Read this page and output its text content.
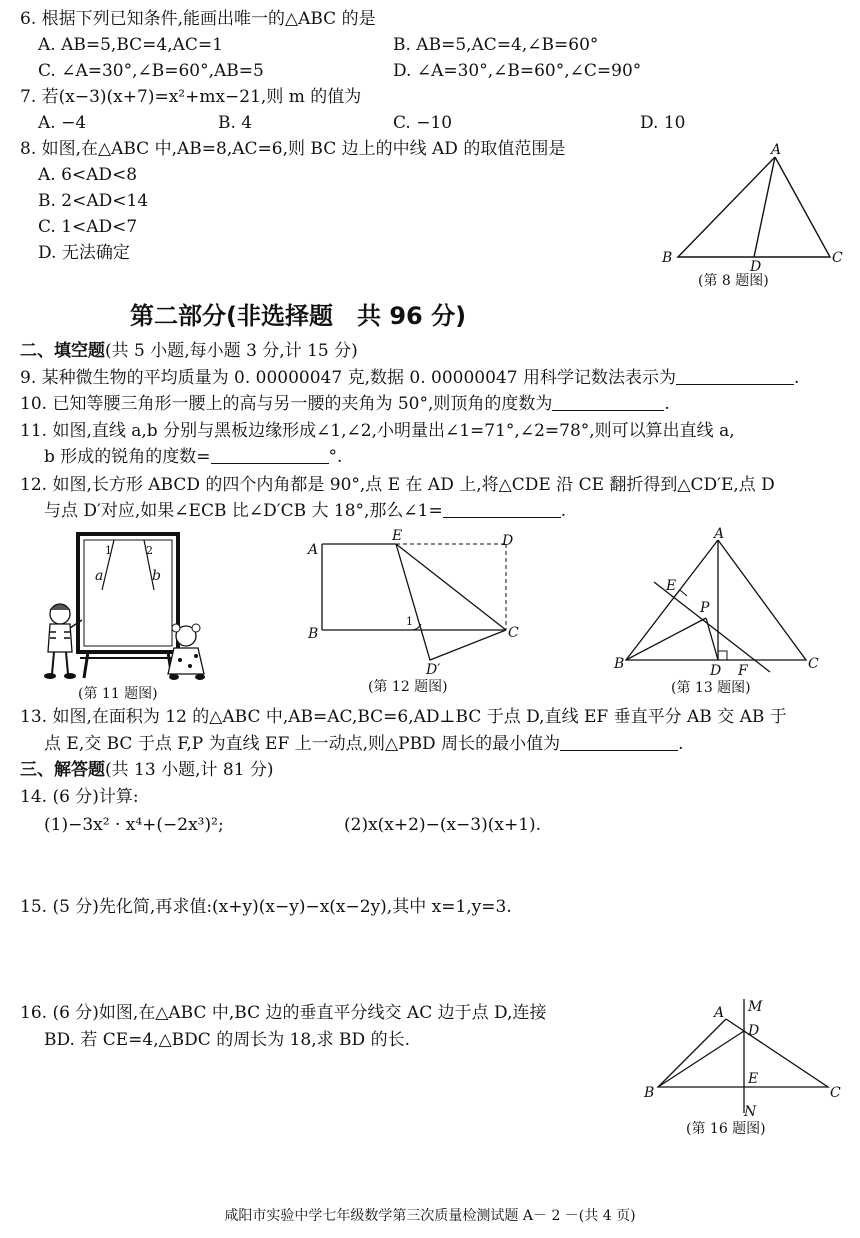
6. 根据下列已知条件,能画出唯一的△ABC 的是
A. AB=5,BC=4,AC=1	B. AB=5,AC=4,∠B=60°
C. ∠A=30°,∠B=60°,AB=5	D. ∠A=30°,∠B=60°,∠C=90°
7. 若(x−3)(x+7)=x²+mx−21,则 m 的值为
A. −4	B. 4	C. −10	D. 10
8. 如图,在△ABC 中,AB=8,AC=6,则 BC 边上的中线 AD 的取值范围是
A. 6<AD<8
B. 2<AD<14
C. 1<AD<7
D. 无法确定
A
B	C
D
(第 8 题图)
第二部分(非选择题　共 96 分)
二、填空题(共 5 小题,每小题 3 分,计 15 分)
9. 某种微生物的平均质量为 0. 00000047 克,数据 0. 00000047 用科学记数法表示为	.
10. 已知等腰三角形一腰上的高与另一腰的夹角为 50°,则顶角的度数为	.
11. 如图,直线 a,b 分别与黑板边缘形成∠1,∠2,小明量出∠1=71°,∠2=78°,则可以算出直线 a,
b 形成的锐角的度数=	°.
12. 如图,长方形 ABCD 的四个内角都是 90°,点 E 在 AD 上,将△CDE 沿 CE 翻折得到△CD′E,点 D
与点 D′对应,如果∠ECB 比∠D′CB 大 18°,那么∠1=	.
1	2
a	b
(第 11 题图)
A
E	D
B	C
D′
1
(第 12 题图)
A
E
P
B	C
D F
(第 13 题图)
13. 如图,在面积为 12 的△ABC 中,AB=AC,BC=6,AD⊥BC 于点 D,直线 EF 垂直平分 AB 交 AB 于
点 E,交 BC 于点 F,P 为直线 EF 上一动点,则△PBD 周长的最小值为	.
三、解答题(共 13 小题,计 81 分)
14. (6 分)计算:
(1)−3x² · x⁴+(−2x³)²;	(2)x(x+2)−(x−3)(x+1).
15. (5 分)先化简,再求值:(x+y)(x−y)−x(x−2y),其中 x=1,y=3.
16. (6 分)如图,在△ABC 中,BC 边的垂直平分线交 AC 边于点 D,连接
BD. 若 CE=4,△BDC 的周长为 18,求 BD 的长.
A M
D
E
B	C
N
(第 16 题图)
咸阳市实验中学七年级数学第三次质量检测试题 A－ 2 －(共 4 页)
